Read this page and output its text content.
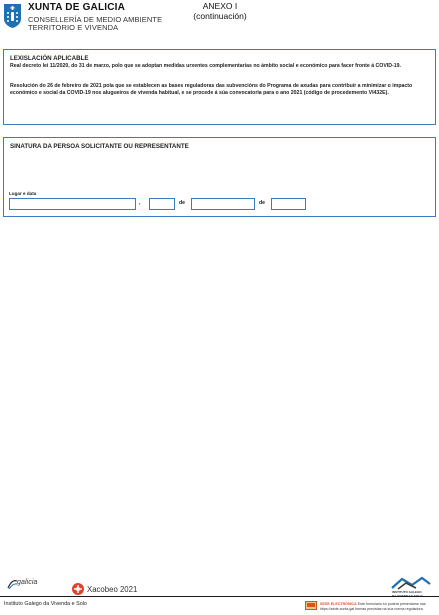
XUNTA DE GALICIA
CONSELLERÍA DE MEDIO AMBIENTE
TERRITORIO E VIVENDA
ANEXO I
(continuación)
LEXISLACIÓN APLICABLE
Real decreto lei 11/2020, do 31 de marzo, polo que se adoptan medidas urxentes complementarias no ámbito social e económico para facer fronte á COVID-19.
Resolución do 26 de febreiro de 2021 pola que se establecen as bases reguladoras das subvencións do Programa de axudas para contribuír a minimizar o impacto económico e social da COVID-19 nos alugueiros de vivenda habitual, e se procede á súa convocatoria para o ano 2021 (código de procedemento VI432E).
SINATURA DA PERSOA SOLICITANTE OU REPRESENTANTE
Lugar e data
,	de	de
galicia
Xacobeo 2021	INSTITUTO GALEGO
Instituto Galego da Vivenda e Solo	SEDE ELECTRÓNICA Este formulario só poderá presentarse nas
https://sede.xunta.gal formas previstas na súa norma reguladora
